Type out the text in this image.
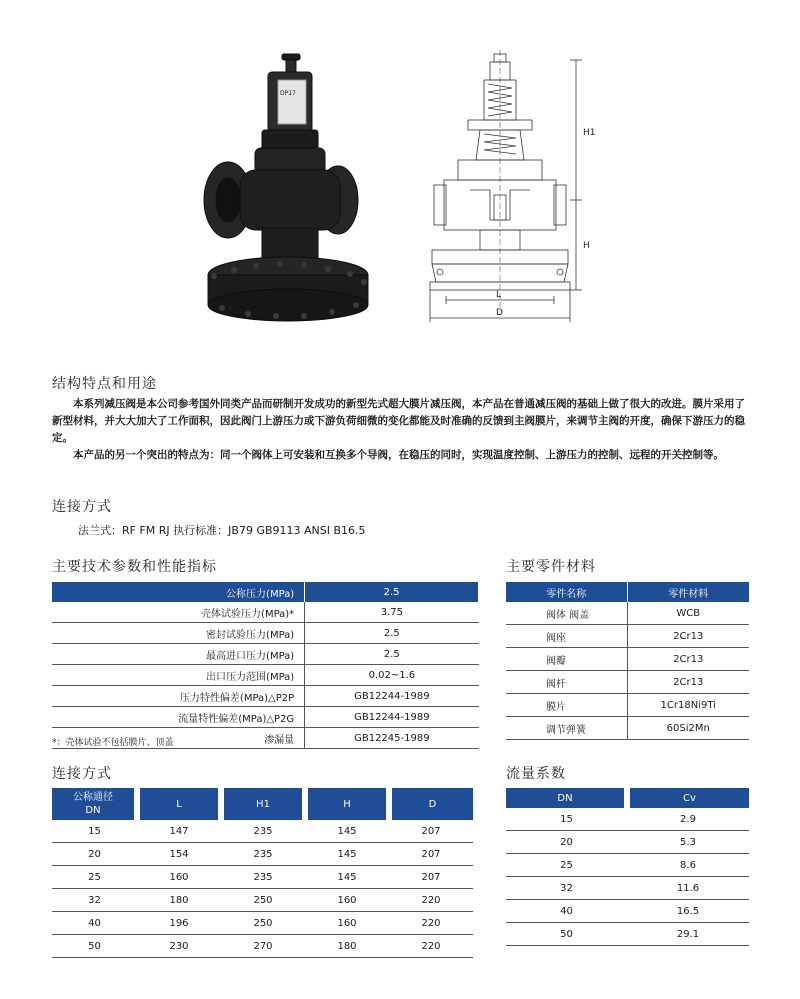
DP17
H1
H
L
D
结构特点和用途

本系列减压阀是本公司参考国外同类产品而研制开发成功的新型先式超大膜片减压阀，本产品在普通减压阀的基础上做了很大的改进。膜片采用了新型材料，并大大加大了工作面积，因此阀门上游压力或下游负荷细微的变化都能及时准确的反馈到主阀膜片，来调节主阀的开度，确保下游压力的稳定。

本产品的另一个突出的特点为：同一个阀体上可安装和互换多个导阀，在稳压的同时，实现温度控制、上游压力的控制、远程的开关控制等。

连接方式
法兰式：RF FM RJ 执行标准：JB79 GB9113 ANSI B16.5
主要技术参数和性能指标
公称压力(MPa)	2.5
壳体试验压力(MPa)*	3.75
密封试验压力(MPa)	2.5
最高进口压力(MPa)	2.5
出口压力范围(MPa)	0.02~1.6
压力特性偏差(MPa)△P2P	GB12244-1989
流量特性偏差(MPa)△P2G	GB12244-1989
渗漏量	GB12245-1989
*：壳体试验不包括膜片、顶盖
主要零件材料
零件名称	零件材料
阀体 阀盖	WCB
阀座	2Cr13
阀瓣	2Cr13
阀杆	2Cr13
膜片	1Cr18Ni9Ti
调节弹簧	60Si2Mn
连接方式
公称通径
DN	L	H1	H	D
15	147	235	145	207
20	154	235	145	207
25	160	235	145	207
32	180	250	160	220
40	196	250	160	220
50	230	270	180	220
流量系数
DN	Cv
15	2.9
20	5.3
25	8.6
32	11.6
40	16.5
50	29.1
